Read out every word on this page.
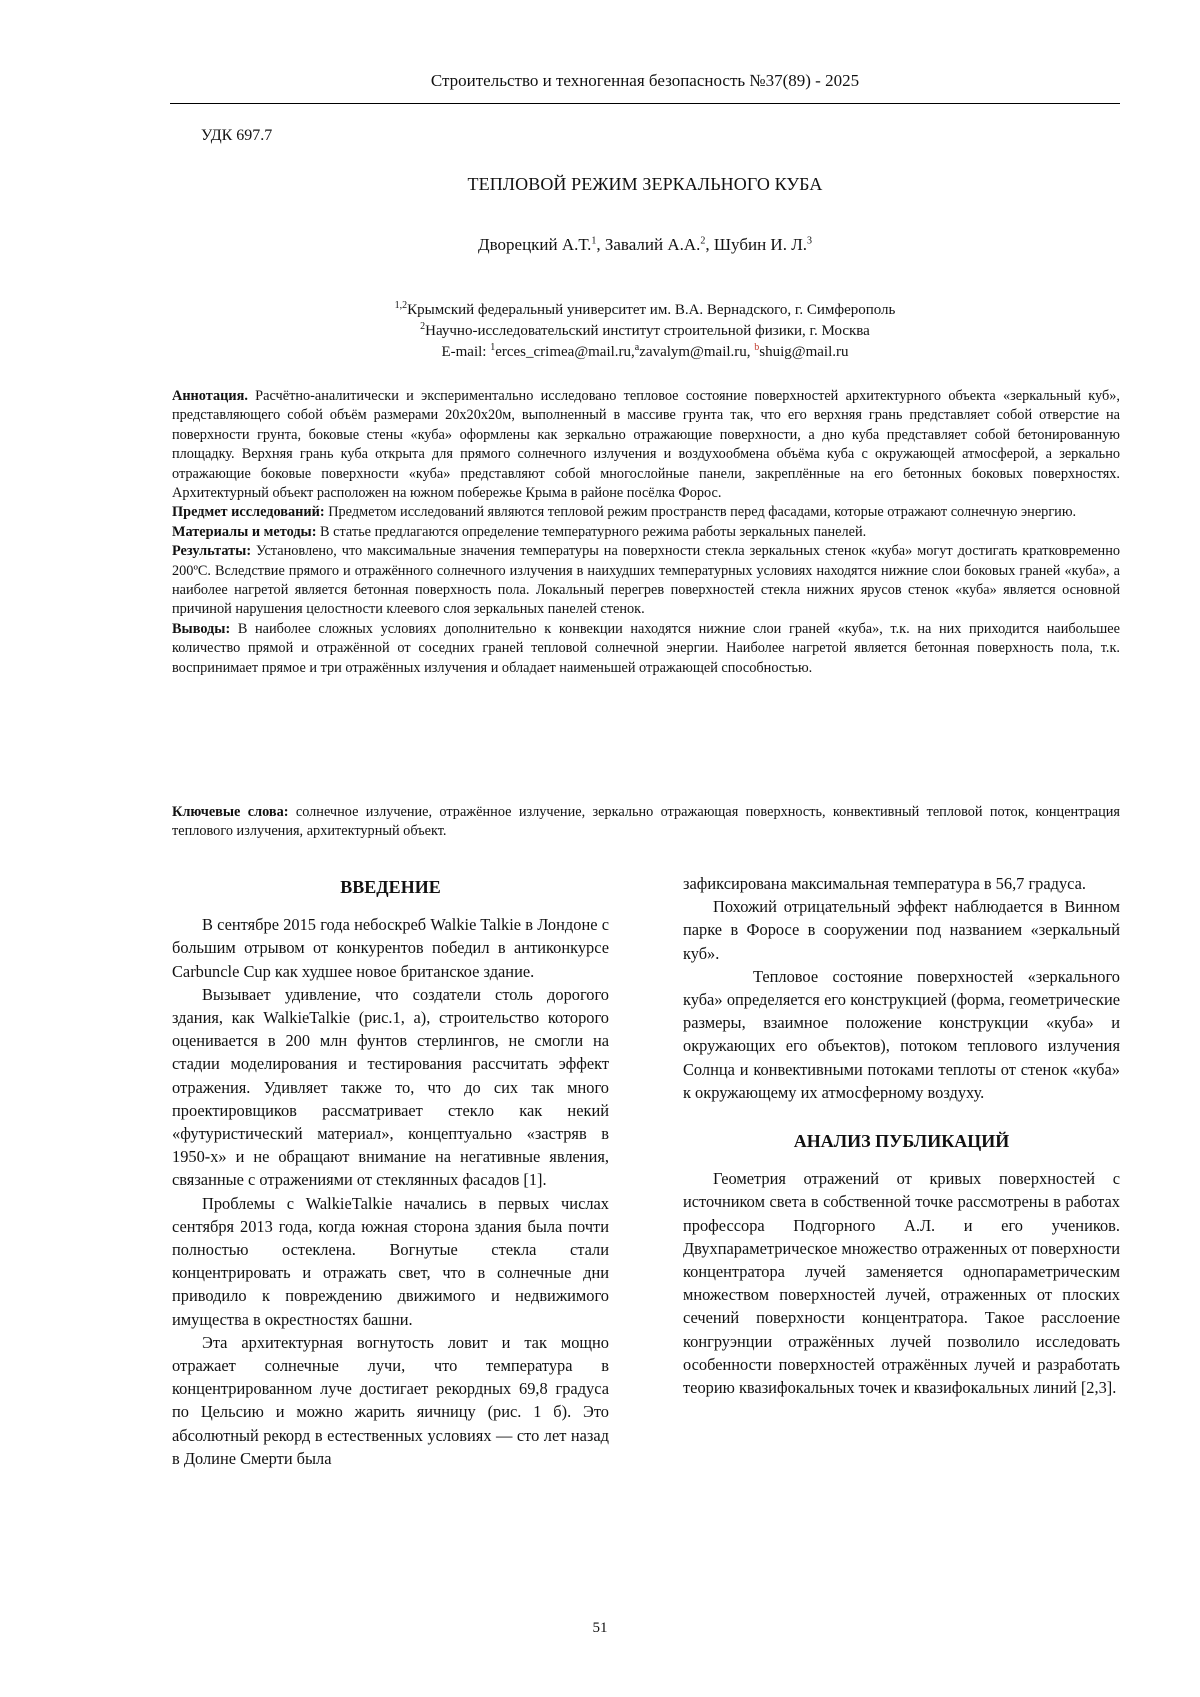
Строительство и техногенная безопасность №37(89) - 2025
УДК 697.7
ТЕПЛОВОЙ РЕЖИМ ЗЕРКАЛЬНОГО КУБА
Дворецкий А.Т.$^1$, Завалий А.А.$^2$, Шубин И. Л.$^3$
$^{1,2}$Крымский федеральный университет им. В.А. Вернадского, г. Симферополь
$^2$Научно-исследовательский институт строительной физики, г. Москва
E-mail: $^1$erces_crimea@mail.ru,$^a$zavalym@mail.ru, $^b$shuig@mail.ru

Аннотация. Расчётно-аналитически и экспериментально исследовано тепловое состояние поверхностей архитектурного объекта «зеркальный куб», представляющего собой объём размерами 20х20х20м, выполненный в массиве грунта так, что его верхняя грань представляет собой отверстие на поверхности грунта, боковые стены «куба» оформлены как зеркально отражающие поверхности, а дно куба представляет собой бетонированную площадку. Верхняя грань куба открыта для прямого солнечного излучения и воздухообмена объёма куба с окружающей атмосферой, а зеркально отражающие боковые поверхности «куба» представляют собой многослойные панели, закреплённые на его бетонных боковых поверхностях. Архитектурный объект расположен на южном побережье Крыма в районе посёлка Форос.

Предмет исследований: Предметом исследований являются тепловой режим пространств перед фасадами, которые отражают солнечную энергию.

Материалы и методы: В статье предлагаются определение температурного режима работы зеркальных панелей.

Результаты: Установлено, что максимальные значения температуры на поверхности стекла зеркальных стенок «куба» могут достигать кратковременно 200ºС. Вследствие прямого и отражённого солнечного излучения в наихудших температурных условиях находятся нижние слои боковых граней «куба», а наиболее нагретой является бетонная поверхность пола. Локальный перегрев поверхностей стекла нижних ярусов стенок «куба» является основной причиной нарушения целостности клеевого слоя зеркальных панелей стенок.

Выводы: В наиболее сложных условиях дополнительно к конвекции находятся нижние слои граней «куба», т.к. на них приходится наибольшее количество прямой и отражённой от соседних граней тепловой солнечной энергии. Наиболее нагретой является бетонная поверхность пола, т.к. воспринимает прямое и три отражённых излучения и обладает наименьшей отражающей способностью.

Ключевые слова: солнечное излучение, отражённое излучение, зеркально отражающая поверхность, конвективный тепловой поток, концентрация теплового излучения, архитектурный объект.

ВВЕДЕНИЕ

В сентябре 2015 года небоскреб Walkie Talkie в Лондоне с большим отрывом от конкурентов победил в антиконкурсе Carbuncle Cup как худшее новое британское здание.

Вызывает удивление, что создатели столь дорогого здания, как WalkieTalkie (рис.1, а), строительство которого оценивается в 200 млн фунтов стерлингов, не смогли на стадии моделирования и тестирования рассчитать эффект отражения. Удивляет также то, что до сих так много проектировщиков рассматривает стекло как некий «футуристический материал», концептуально «застряв в 1950-х» и не обращают внимание на негативные явления, связанные с отражениями от стеклянных фасадов [1].

Проблемы с WalkieTalkie начались в первых числах сентября 2013 года, когда южная сторона здания была почти полностью остеклена. Вогнутые стекла стали концентрировать и отражать свет, что в солнечные дни приводило к повреждению движимого и недвижимого имущества в окрестностях башни.

Эта архитектурная вогнутость ловит и так мощно отражает солнечные лучи, что температура в концентрированном луче достигает рекордных 69,8 градуса по Цельсию и можно жарить яичницу (рис. 1 б). Это абсолютный рекорд в естественных условиях — сто лет назад в Долине Смерти была

зафиксирована максимальная температура в 56,7 градуса.

Похожий отрицательный эффект наблюдается в Винном парке в Форосе в сооружении под названием «зеркальный куб».

Тепловое состояние поверхностей «зеркального куба» определяется его конструкцией (форма, геометрические размеры, взаимное положение конструкции «куба» и окружающих его объектов), потоком теплового излучения Солнца и конвективными потоками теплоты от стенок «куба» к окружающему их атмосферному воздуху.

АНАЛИЗ ПУБЛИКАЦИЙ

Геометрия отражений от кривых поверхностей с источником света в собственной точке рассмотрены в работах профессора Подгорного А.Л. и его учеников. Двухпараметрическое множество отраженных от поверхности концентратора лучей заменяется однопараметрическим множеством поверхностей лучей, отраженных от плоских сечений поверхности концентратора. Такое расслоение конгруэнции отражённых лучей позволило исследовать особенности поверхностей отражённых лучей и разработать теорию квазифокальных точек и квазифокальных линий [2,3].

51
